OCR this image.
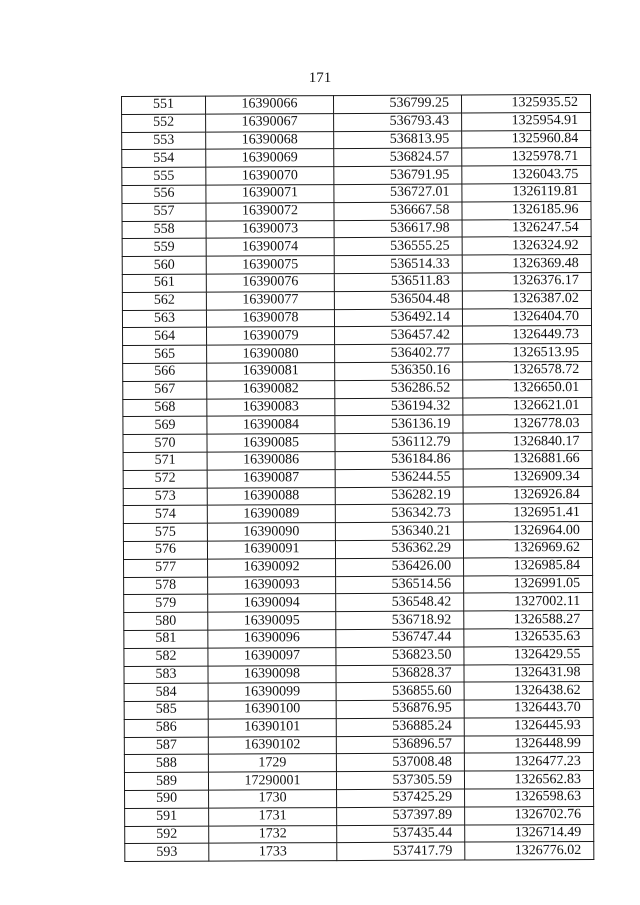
171
551	16390066	536799.25	1325935.52
552	16390067	536793.43	1325954.91
553	16390068	536813.95	1325960.84
554	16390069	536824.57	1325978.71
555	16390070	536791.95	1326043.75
556	16390071	536727.01	1326119.81
557	16390072	536667.58	1326185.96
558	16390073	536617.98	1326247.54
559	16390074	536555.25	1326324.92
560	16390075	536514.33	1326369.48
561	16390076	536511.83	1326376.17
562	16390077	536504.48	1326387.02
563	16390078	536492.14	1326404.70
564	16390079	536457.42	1326449.73
565	16390080	536402.77	1326513.95
566	16390081	536350.16	1326578.72
567	16390082	536286.52	1326650.01
568	16390083	536194.32	1326621.01
569	16390084	536136.19	1326778.03
570	16390085	536112.79	1326840.17
571	16390086	536184.86	1326881.66
572	16390087	536244.55	1326909.34
573	16390088	536282.19	1326926.84
574	16390089	536342.73	1326951.41
575	16390090	536340.21	1326964.00
576	16390091	536362.29	1326969.62
577	16390092	536426.00	1326985.84
578	16390093	536514.56	1326991.05
579	16390094	536548.42	1327002.11
580	16390095	536718.92	1326588.27
581	16390096	536747.44	1326535.63
582	16390097	536823.50	1326429.55
583	16390098	536828.37	1326431.98
584	16390099	536855.60	1326438.62
585	16390100	536876.95	1326443.70
586	16390101	536885.24	1326445.93
587	16390102	536896.57	1326448.99
588	1729	537008.48	1326477.23
589	17290001	537305.59	1326562.83
590	1730	537425.29	1326598.63
591	1731	537397.89	1326702.76
592	1732	537435.44	1326714.49
593	1733	537417.79	1326776.02
